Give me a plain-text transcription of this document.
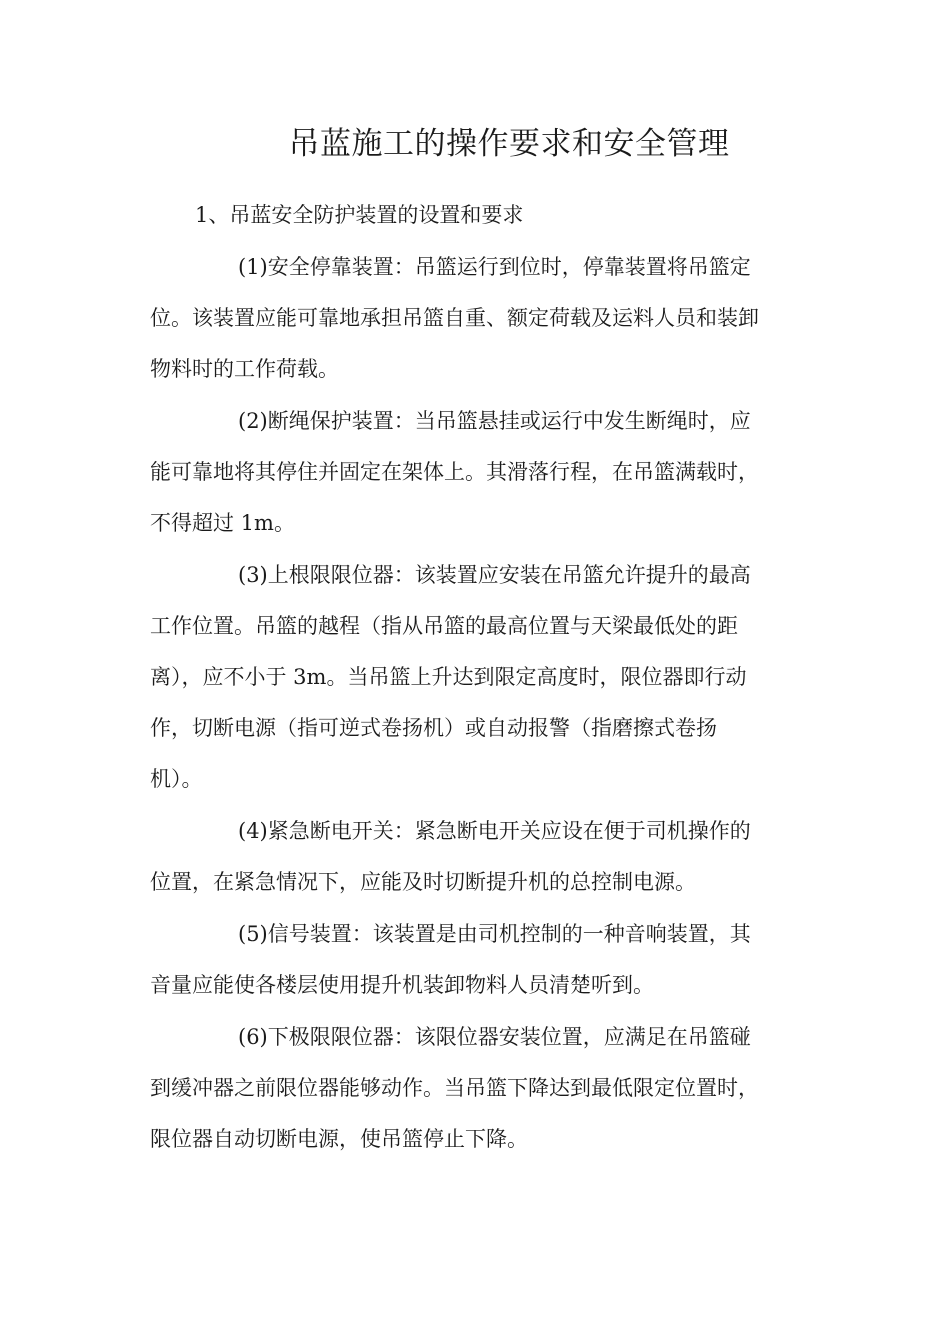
吊蓝施工的操作要求和安全管理
1、吊蓝安全防护装置的设置和要求

(1)安全停靠装置：吊篮运行到位时，停靠装置将吊篮定

位。该装置应能可靠地承担吊篮自重、额定荷载及运料人员和装卸

物料时的工作荷载。

(2)断绳保护装置：当吊篮悬挂或运行中发生断绳时，应

能可靠地将其停住并固定在架体上。其滑落行程，在吊篮满载时，

不得超过 1m。

(3)上根限限位器：该装置应安装在吊篮允许提升的最高

工作位置。吊篮的越程（指从吊篮的最高位置与天梁最低处的距

离），应不小于 3m。当吊篮上升达到限定高度时，限位器即行动

作，切断电源（指可逆式卷扬机）或自动报警（指磨擦式卷扬

机）。

(4)紧急断电开关：紧急断电开关应设在便于司机操作的

位置，在紧急情况下，应能及时切断提升机的总控制电源。

(5)信号装置：该装置是由司机控制的一种音响装置，其

音量应能使各楼层使用提升机装卸物料人员清楚听到。

(6)下极限限位器：该限位器安装位置，应满足在吊篮碰

到缓冲器之前限位器能够动作。当吊篮下降达到最低限定位置时，

限位器自动切断电源，使吊篮停止下降。
